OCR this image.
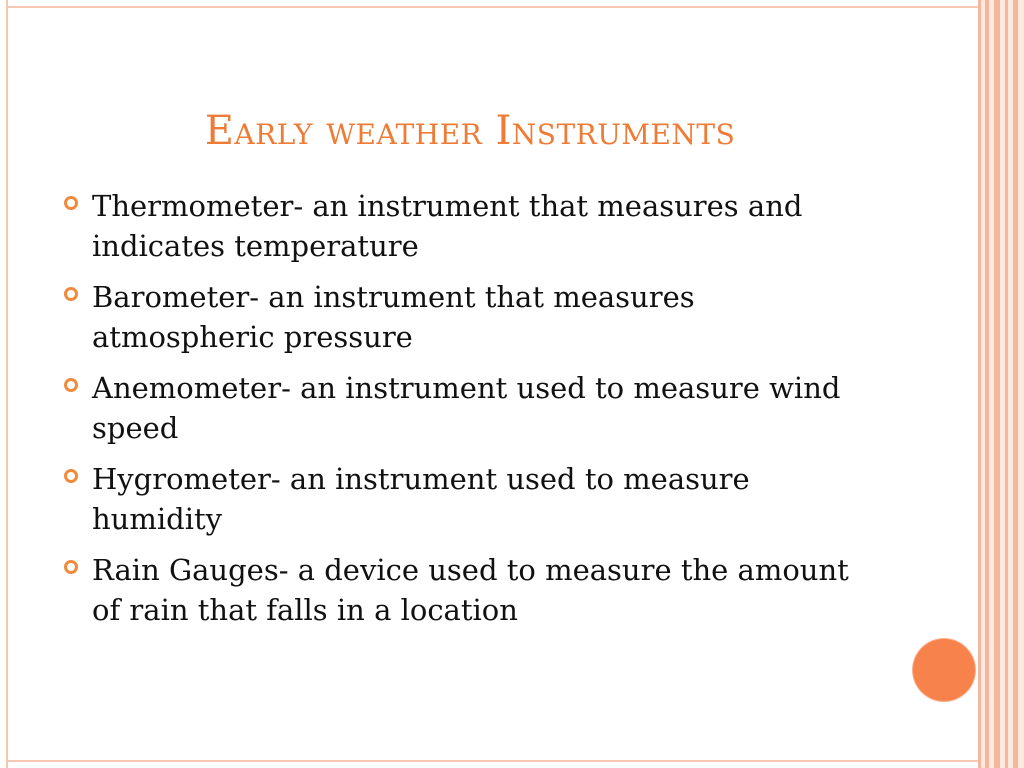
Early weather Instruments
Thermometer- an instrument that measures and indicates temperature
Barometer- an instrument that measures atmospheric pressure
Anemometer- an instrument used to measure wind speed
Hygrometer- an instrument used to measure humidity
Rain Gauges- a device used to measure the amount of rain that falls in a location
